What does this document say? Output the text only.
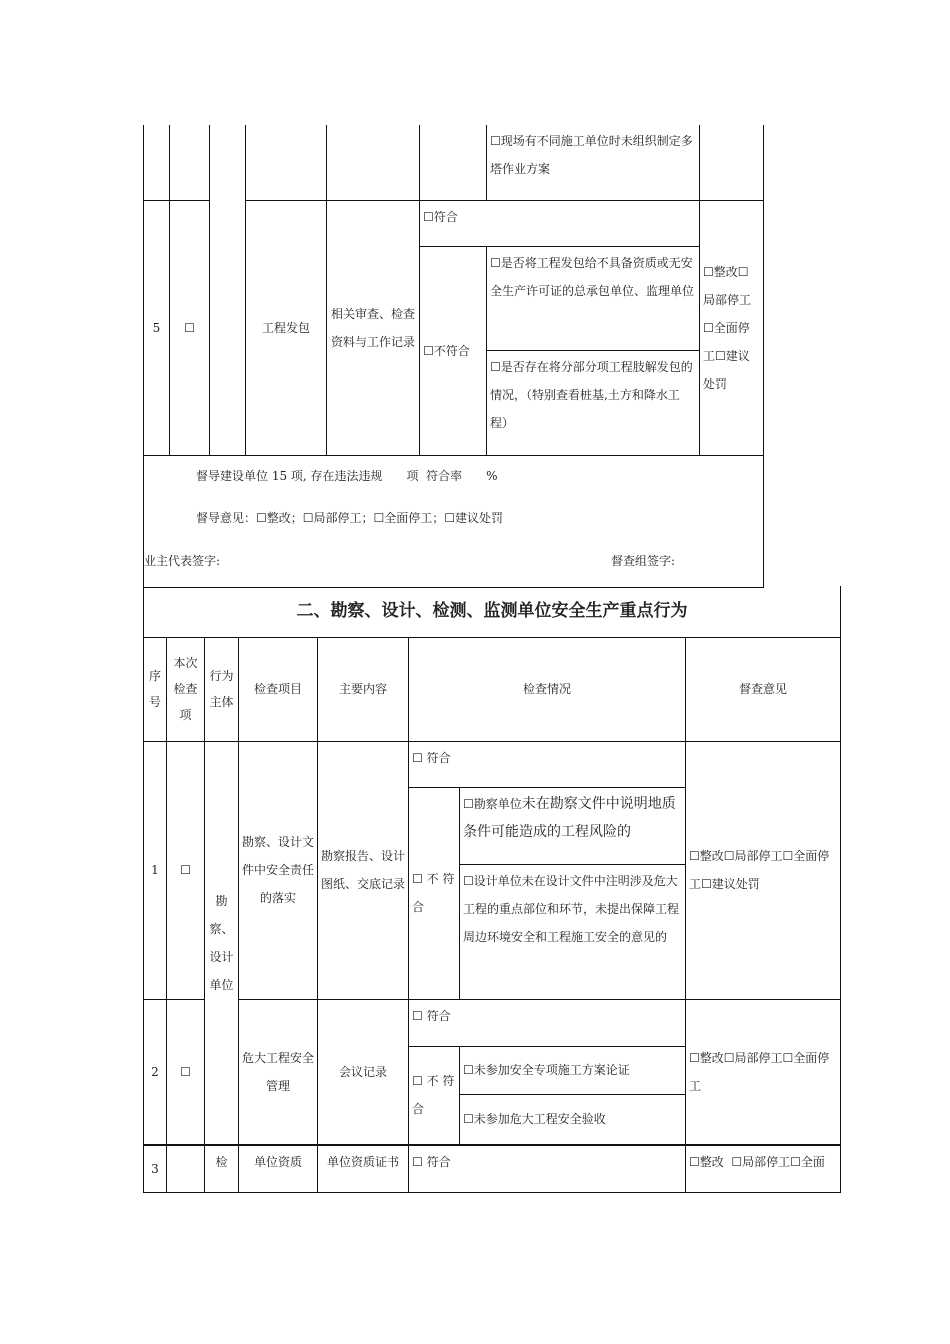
						☐现场有不同施工单位时未组织制定多塔作业方案	
5	☐		工程发包	相关审查、检查资料与工作记录	☐符合		☐整改☐局部停工☐全面停工☐建议处罚
					☐不符合	☐是否将工程发包给不具备资质或无安全生产许可证的总承包单位、监理单位	
						☐是否存在将分部分项工程肢解发包的情况，（特别查看桩基,土方和降水工程）	

督导建设单位 15 项, 存在违法违规　　项  符合率　　%
督导意见：☐整改；☐局部停工；☐全面停工；☐建议处罚
业主代表签字: 督查组签字:							
二、勘察、设计、检测、监测单位安全生产重点行为							
序号	本次检查项	行为主体	检查项目	主要内容	检查情况		督查意见
1	☐	勘察、设计单位	勘察、设计文件中安全责任的落实	勘察报告、设计图纸、交底记录	☐ 符合		☐整改☐局部停工☐全面停工☐建议处罚
					☐ 不 符合	☐勘察单位未在勘察文件中说明地质条件可能造成的工程风险的	
						☐设计单位未在设计文件中注明涉及危大工程的重点部位和环节，未提出保障工程周边环境安全和工程施工安全的意见的	
2	☐		危大工程安全管理	会议记录	☐ 符合		☐整改☐局部停工☐全面停工
					☐ 不 符合	☐未参加安全专项施工方案论证	
						☐未参加危大工程安全验收	
3		检	单位资质	单位资质证书	☐ 符合		☐整改  ☐局部停工☐全面
